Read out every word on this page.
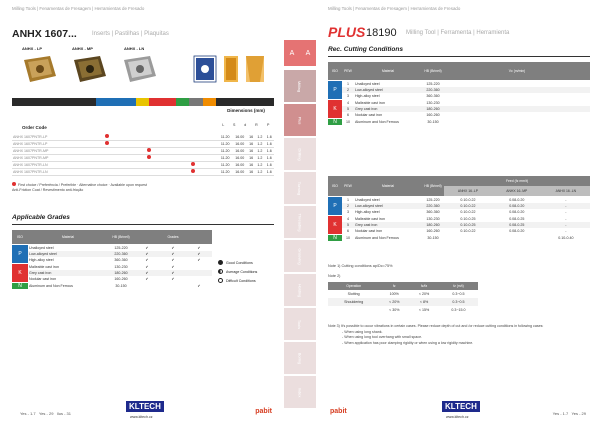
Milling Tools | Fenamentas de Fresagem | Herramientas de Fresado
ANHX 1607...	Inserts | Pastilhas | Plaquitas
ANHX - LP	ANHX - MP	ANHX - LN
Dimensions (mm)
Order Code	L	S	d	R	P
ANHX 1607PNTR-LP		11.20	16.00	16	1.2	1.6
ANHX 1607PNTR-LP		11.20	16.00	16	1.2	1.6
ANHX 1607PNTR-MP		11.20	16.00	16	1.2	1.6
ANHX 1607PNTR-MP		11.20	16.00	16	1.2	1.6
ANHX 1607PNTR-LN		11.20	16.00	16	1.2	1.6
ANHX 1607PNTR-LN		11.20	16.00	16	1.2	1.6
First choice / Preferência / Preferible · Alternative choice · Available upon request
Anti-Friction Coat / Revestimento anti-fricção
Applicable Grades
ISO	Material	HB (Brinell)	Grades		
P	Unalloyed steel	125-220	✔	✔	✔
	Low-alloyed steel	220-360	✔	✔	✔
	High-alloy steel	360-360	✔	✔	✔
K	Malleable cast iron	130-230	✔	✔	
	Grey cast iron	180-260	✔	✔	
	Nodular cast iron	160-260	✔	✔	
N	Aluminum and Non Ferrous	30-150			✔
Good Conditions
Average Conditions
Difficult Conditions
Yes - 1.7 Yes - 29 Ilus - 31
KLTECH
www.kltech.cz
pabit
A A
Milling
Plus
Drilling
Turning
Threading
Grooving
Holding
Tools
Boring
Index
Milling Tools | Fenamentas de Fresagem | Herramientas de Fresado
PLUS 18190 Milling Tool | Ferramenta | Herramienta
Rec. Cutting Conditions
ISO	PEW	Material	HB (Brinell)	Vc (m/min)					
P	1	Unalloyed steel	125-220						
	2	Low-alloyed steel	220-360						
	3	High-alloy steel	360-360						
K	4	Malleable cast iron	130-230						
	5	Grey cast iron	180-260						
	6	Nodular cast iron	160-260						
N	10	Aluminum and Non Ferrous	30-150						
ISO	PEW	Material	HB (Brinell)	Feed (fz mm/t)		
				ANHX 16..LP	ANHX 16..MP	ANHX 16..LN
P	1	Unalloyed steel	125-220	0.10-0.22	0.08-0.20	-
	2	Low-alloyed steel	220-360	0.10-0.22	0.08-0.20	-
	3	High-alloy steel	360-360	0.10-0.22	0.08-0.20	-
K	4	Malleable cast iron	130-230	0.10-0.25	0.08-0.25	-
	5	Grey cast iron	180-260	0.10-0.25	0.08-0.25	-
	6	Nodular cast iron	160-260	0.10-0.22	0.08-0.20	-
N	10	Aluminum and Non Ferrous	30-150			0.10-0.40
Note 1) Cutting conditions ap/Dc=75%
Note 2)
Operation	fz	fz/fz	fz (m/t)
Slotting	100%	< 20%	0.3~0.5
Shouldering	< 20%	< 8%	0.3~0.5
	< 30%	< 15%	0.3~15.0
Note 3) It's possible to occur vibrations in certain cases. Please reduce depth of cut and /or reduce cutting conditions in following cases:
- When using long shank.
- When using long tool overhang with small space.
- When application has poor clamping rigidity or when using a low rigidity machine.
pabit
KLTECH
www.kltech.cz
Yes - 1.7 Yes - 29
